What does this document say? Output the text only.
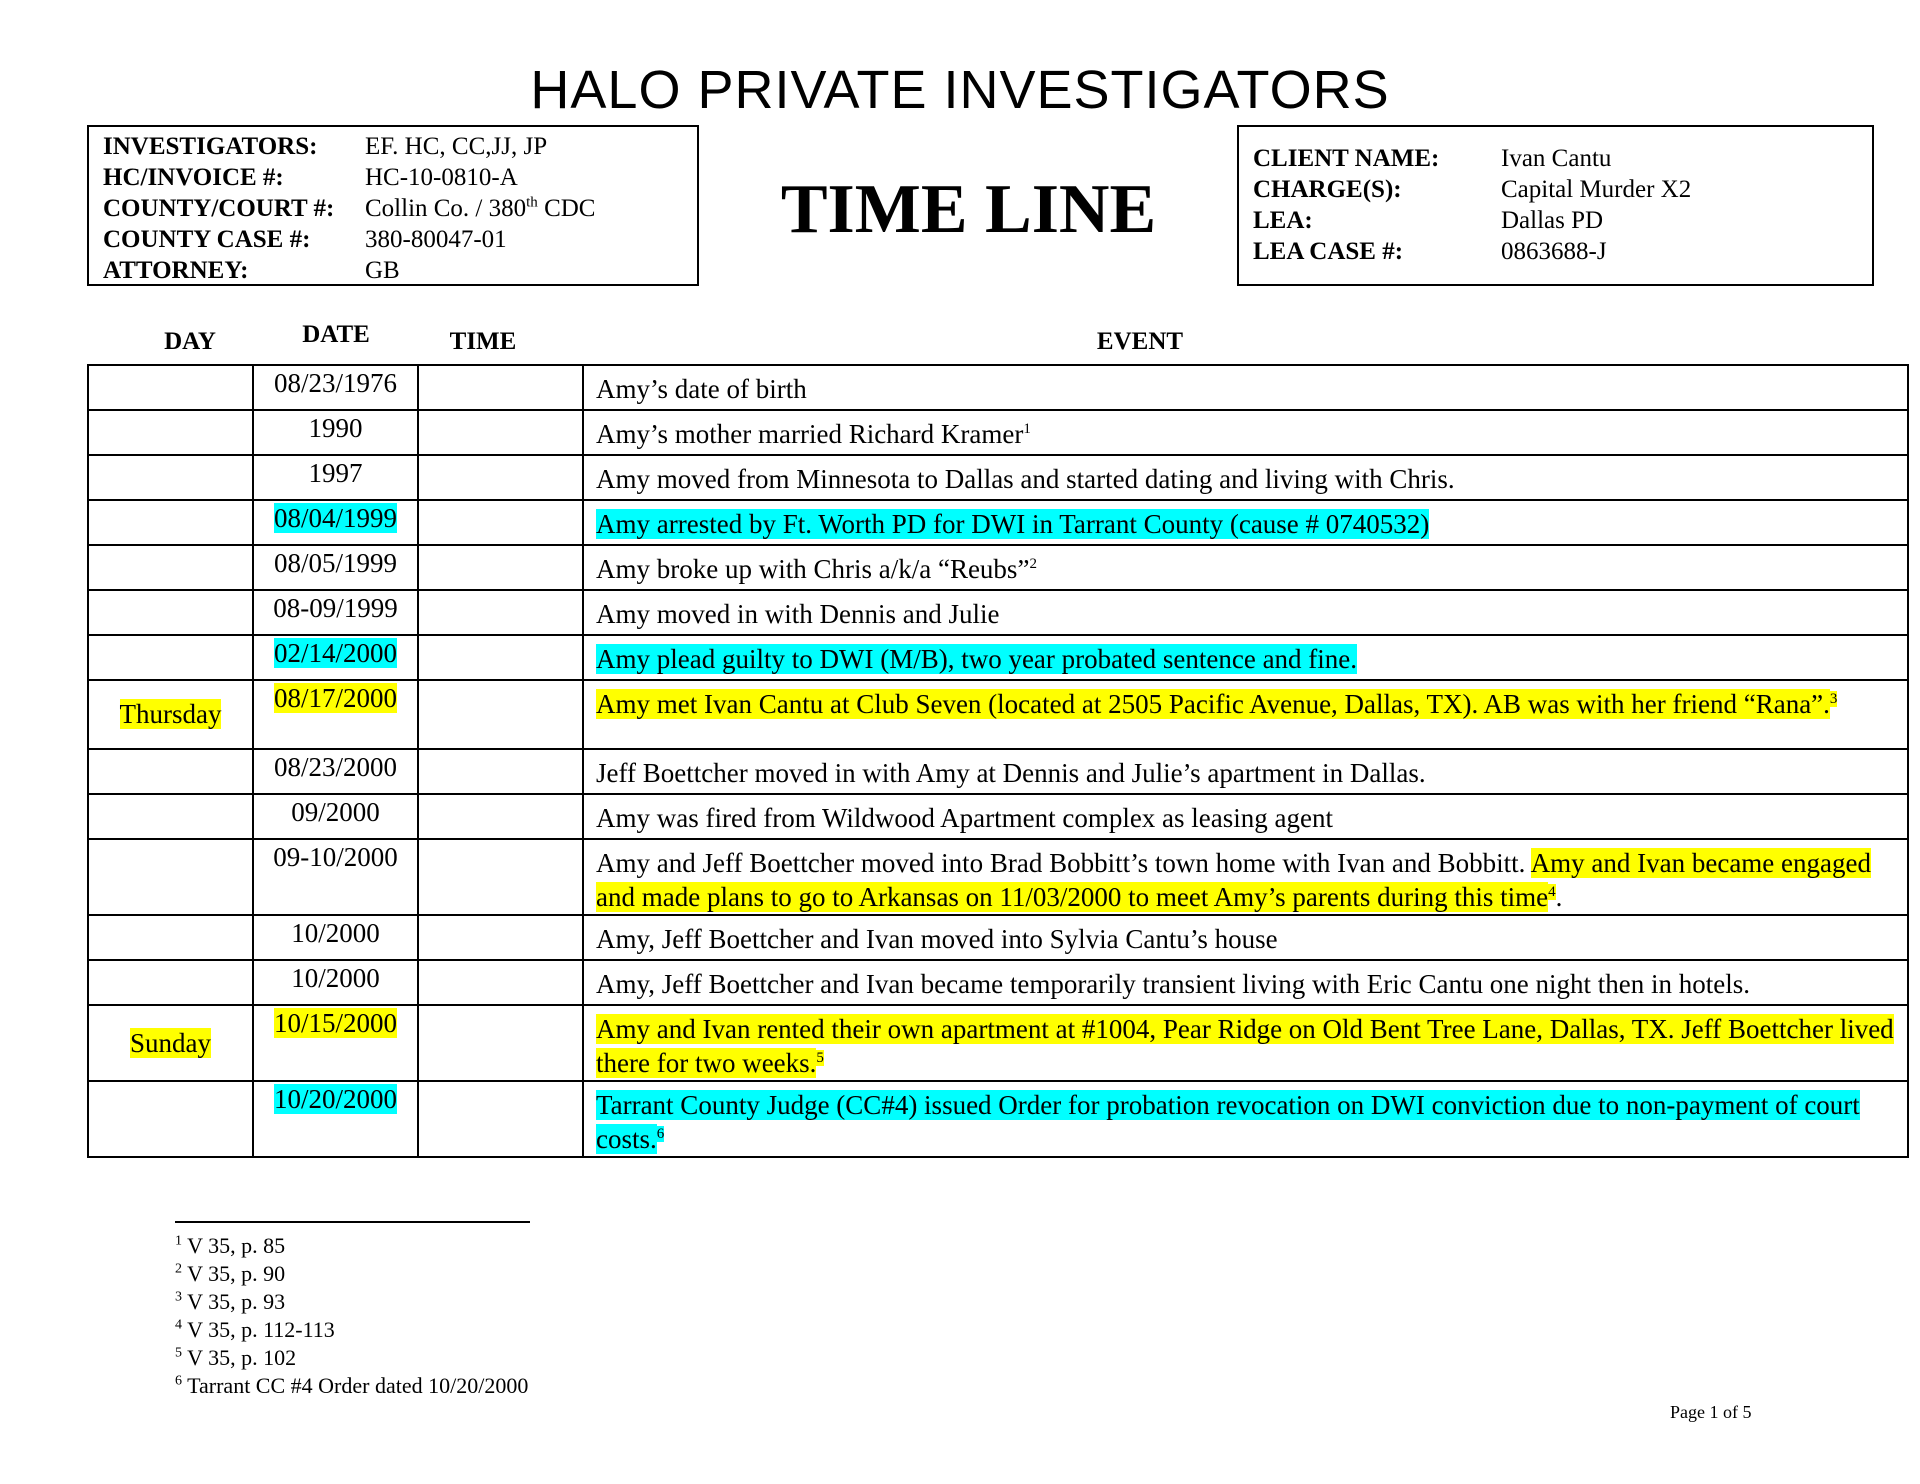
HALO PRIVATE INVESTIGATORS
INVESTIGATORS:	EF. HC, CC,JJ, JP
HC/INVOICE #:	HC-10-0810-A
COUNTY/COURT #:	Collin Co. / 380th CDC
COUNTY CASE #:	380-80047-01
ATTORNEY:	GB
TIME LINE
CLIENT NAME:	Ivan Cantu
CHARGE(S):	Capital Murder X2
LEA:	Dallas PD
LEA CASE #:	0863688-J
DAY	DATE	TIME	EVENT
	08/23/1976		Amy’s date of birth
	1990		Amy’s mother married Richard Kramer$^1$
	1997		Amy moved from Minnesota to Dallas and started dating and living with Chris.
	08/04/1999		Amy arrested by Ft. Worth PD for DWI in Tarrant County (cause # 0740532)
	08/05/1999		Amy broke up with Chris a/k/a “Reubs”$^2$
	08-09/1999		Amy moved in with Dennis and Julie
	02/14/2000		Amy plead guilty to DWI (M/B), two year probated sentence and fine.
Thursday	08/17/2000		Amy met Ivan Cantu at Club Seven (located at 2505 Pacific Avenue, Dallas, TX). AB was with her friend “Rana”.$^3$
	08/23/2000		Jeff Boettcher moved in with Amy at Dennis and Julie’s apartment in Dallas.
	09/2000		Amy was fired from Wildwood Apartment complex as leasing agent
	09-10/2000		Amy and Jeff Boettcher moved into Brad Bobbitt’s town home with Ivan and Bobbitt. Amy and Ivan became engaged and made plans to go to Arkansas on 11/03/2000 to meet Amy’s parents during this time$^4$.
	10/2000		Amy, Jeff Boettcher and Ivan moved into Sylvia Cantu’s house
	10/2000		Amy, Jeff Boettcher and Ivan became temporarily transient living with Eric Cantu one night then in hotels.
Sunday	10/15/2000		Amy and Ivan rented their own apartment at #1004, Pear Ridge on Old Bent Tree Lane, Dallas, TX. Jeff Boettcher lived there for two weeks.$^5$
	10/20/2000		Tarrant County Judge (CC#4) issued Order for probation revocation on DWI conviction due to non-payment of court costs.$^6$
$^1$ V 35, p. 85
$^2$ V 35, p. 90
$^3$ V 35, p. 93
$^4$ V 35, p. 112-113
$^5$ V 35, p. 102
$^6$ Tarrant CC #4 Order dated 10/20/2000
Page 1 of 5
